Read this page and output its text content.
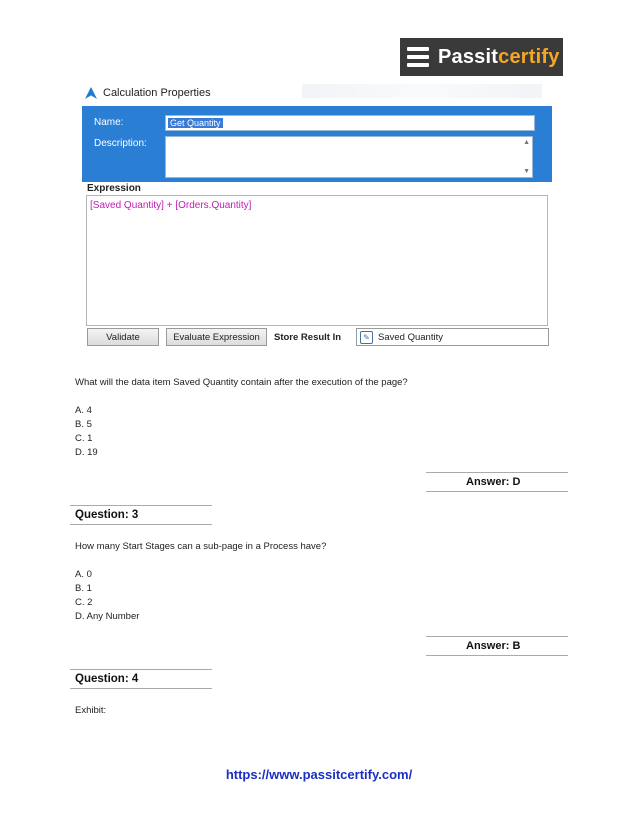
Passitcertify
Calculation Properties
Name:	Get Quantity
Description:	▲
▼
Expression
[Saved Quantity] + [Orders.Quantity]
Validate	Evaluate Expression	Store Result In	✎ Saved Quantity
What will the data item Saved Quantity contain after the execution of the page?
A. 4
B. 5
C. 1
D. 19
Answer: D
Question: 3
How many Start Stages can a sub-page in a Process have?
A. 0
B. 1
C. 2
D. Any Number
Answer: B
Question: 4
Exhibit:
https://www.passitcertify.com/
